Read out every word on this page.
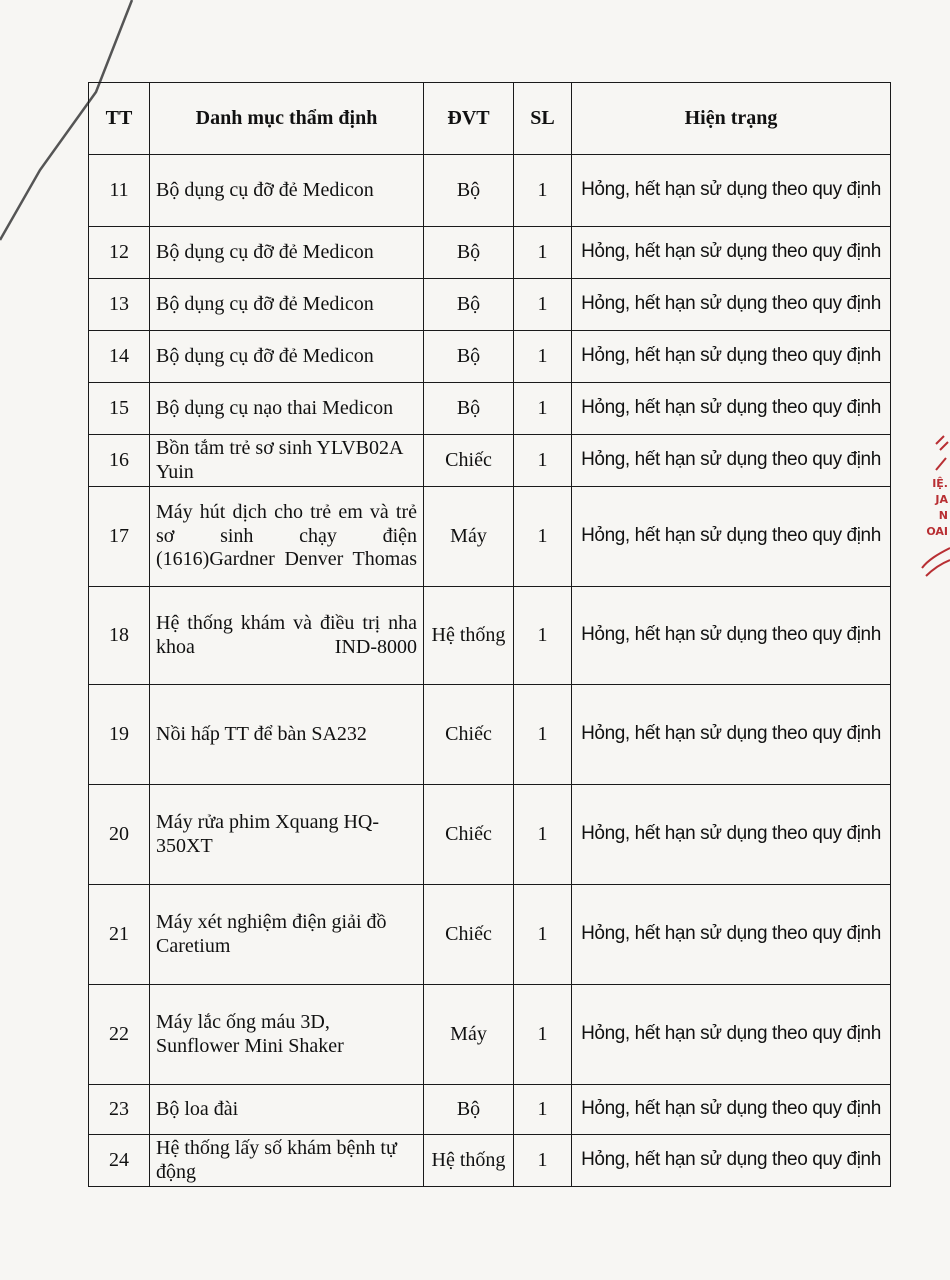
TT	Danh mục thẩm định	ĐVT	SL	Hiện trạng
11	Bộ dụng cụ đỡ đẻ Medicon	Bộ	1	Hỏng, hết hạn sử dụng theo quy định
12	Bộ dụng cụ đỡ đẻ Medicon	Bộ	1	Hỏng, hết hạn sử dụng theo quy định
13	Bộ dụng cụ đỡ đẻ Medicon	Bộ	1	Hỏng, hết hạn sử dụng theo quy định
14	Bộ dụng cụ đỡ đẻ Medicon	Bộ	1	Hỏng, hết hạn sử dụng theo quy định
15	Bộ dụng cụ nạo thai Medicon	Bộ	1	Hỏng, hết hạn sử dụng theo quy định
16	Bồn tắm trẻ sơ sinh YLVB02A Yuin	Chiếc	1	Hỏng, hết hạn sử dụng theo quy định
17	Máy hút dịch cho trẻ em và trẻ sơ sinh chạy điện (1616)Gardner Denver Thomas	Máy	1	Hỏng, hết hạn sử dụng theo quy định
18	Hệ thống khám và điều trị nha khoa IND-8000	Hệ thống	1	Hỏng, hết hạn sử dụng theo quy định
19	Nồi hấp TT để bàn SA232	Chiếc	1	Hỏng, hết hạn sử dụng theo quy định
20	Máy rửa phim Xquang HQ-350XT	Chiếc	1	Hỏng, hết hạn sử dụng theo quy định
21	Máy xét nghiệm điện giải đồ Caretium	Chiếc	1	Hỏng, hết hạn sử dụng theo quy định
22	Máy lắc ống máu 3D, Sunflower Mini Shaker	Máy	1	Hỏng, hết hạn sử dụng theo quy định
23	Bộ loa đài	Bộ	1	Hỏng, hết hạn sử dụng theo quy định
24	Hệ thống lấy số khám bệnh tự động	Hệ thống	1	Hỏng, hết hạn sử dụng theo quy định
IỆ.
JA
N
OAI
